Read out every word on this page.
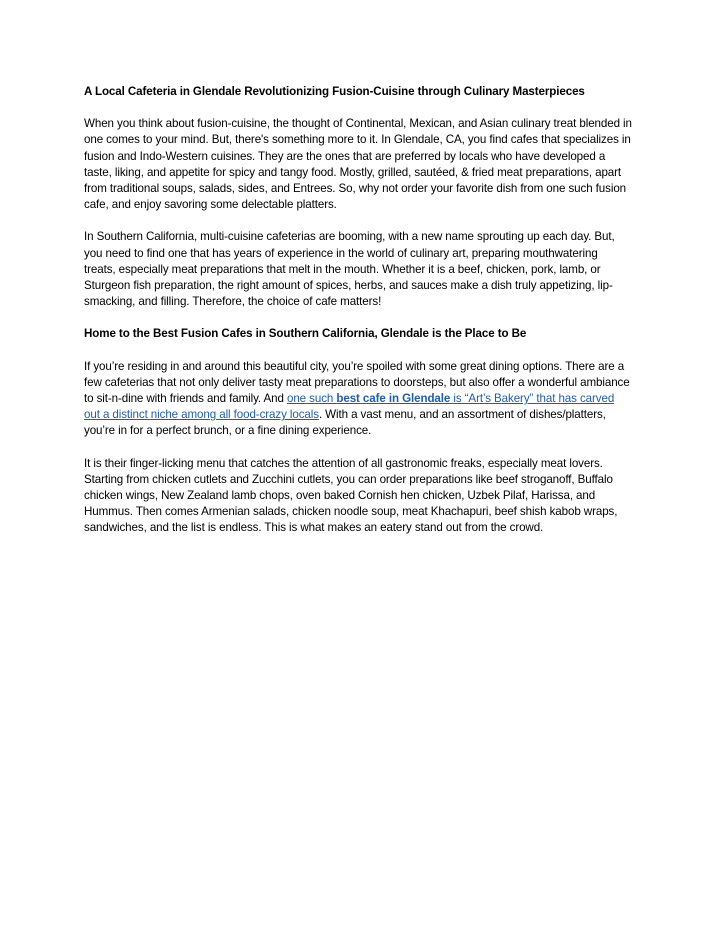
A Local Cafeteria in Glendale Revolutionizing Fusion-Cuisine through Culinary Masterpieces

When you think about fusion-cuisine, the thought of Continental, Mexican, and Asian culinary treat blended in one comes to your mind. But, there's something more to it. In Glendale, CA, you find cafes that specializes in fusion and Indo-Western cuisines. They are the ones that are preferred by locals who have developed a taste, liking, and appetite for spicy and tangy food. Mostly, grilled, sautéed, & fried meat preparations, apart from traditional soups, salads, sides, and Entrees. So, why not order your favorite dish from one such fusion cafe, and enjoy savoring some delectable platters.

In Southern California, multi-cuisine cafeterias are booming, with a new name sprouting up each day. But, you need to find one that has years of experience in the world of culinary art, preparing mouthwatering treats, especially meat preparations that melt in the mouth. Whether it is a beef, chicken, pork, lamb, or Sturgeon fish preparation, the right amount of spices, herbs, and sauces make a dish truly appetizing, lip-smacking, and filling. Therefore, the choice of cafe matters!

Home to the Best Fusion Cafes in Southern California, Glendale is the Place to Be

If you’re residing in and around this beautiful city, you’re spoiled with some great dining options. There are a few cafeterias that not only deliver tasty meat preparations to doorsteps, but also offer a wonderful ambiance to sit-n-dine with friends and family. And one such best cafe in Glendale is “Art’s Bakery” that has carved out a distinct niche among all food-crazy locals. With a vast menu, and an assortment of dishes/platters, you’re in for a perfect brunch, or a fine dining experience.

It is their finger-licking menu that catches the attention of all gastronomic freaks, especially meat lovers. Starting from chicken cutlets and Zucchini cutlets, you can order preparations like beef stroganoff, Buffalo chicken wings, New Zealand lamb chops, oven baked Cornish hen chicken, Uzbek Pilaf, Harissa, and Hummus. Then comes Armenian salads, chicken noodle soup, meat Khachapuri, beef shish kabob wraps, sandwiches, and the list is endless. This is what makes an eatery stand out from the crowd.
